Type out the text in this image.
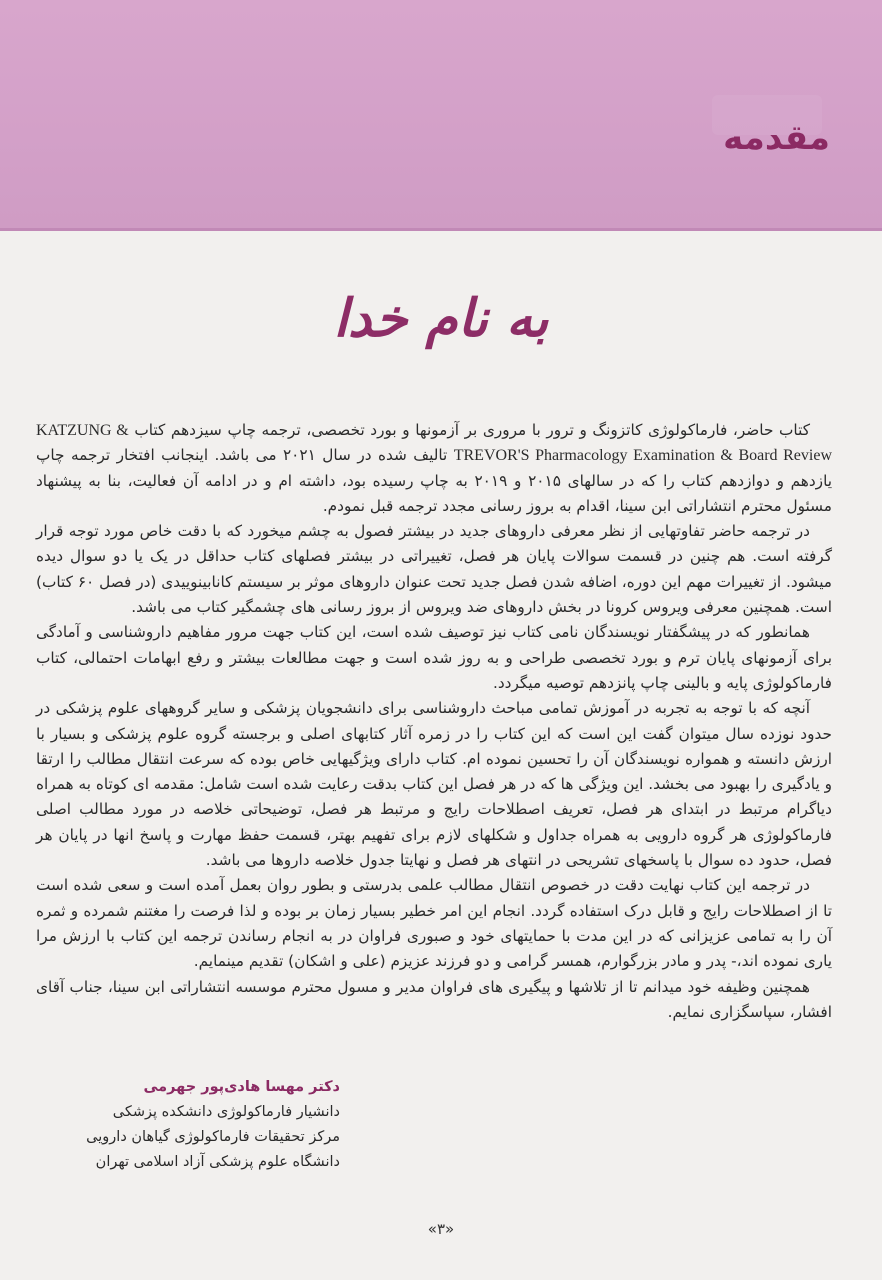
مقدمه
به نام خدا

کتاب حاضر، فارماکولوژی کاتزونگ و ترور با مروری بر آزمونها و بورد تخصصی، ترجمه چاپ سیزدهم کتاب KATZUNG & TREVOR'S Pharmacology Examination & Board Review تالیف شده در سال ۲۰۲۱ می باشد. اینجانب افتخار ترجمه چاپ یازدهم و دوازدهم کتاب را که در سالهای ۲۰۱۵ و ۲۰۱۹ به چاپ رسیده بود، داشته ام و در ادامه آن فعالیت، بنا به پیشنهاد مسئول محترم انتشاراتی ابن سینا، اقدام به بروز رسانی مجدد ترجمه قبل نمودم.

در ترجمه حاضر تفاوتهایی از نظر معرفی داروهای جدید در بیشتر فصول به چشم میخورد که با دقت خاص مورد توجه قرار گرفته است. هم چنین در قسمت سوالات پایان هر فصل، تغییراتی در بیشتر فصلهای کتاب حداقل در یک یا دو سوال دیده میشود. از تغییرات مهم این دوره، اضافه شدن فصل جدید تحت عنوان داروهای موثر بر سیستم کانابینوییدی (در فصل ۶۰ کتاب) است. همچنین معرفی ویروس کرونا در بخش داروهای ضد ویروس از بروز رسانی های چشمگیر کتاب می باشد.

همانطور که در پیشگفتار نویسندگان نامی کتاب نیز توصیف شده است، این کتاب جهت مرور مفاهیم داروشناسی و آمادگی برای آزمونهای پایان ترم و بورد تخصصی طراحی و به روز شده است و جهت مطالعات بیشتر و رفع ابهامات احتمالی، کتاب فارماکولوژی پایه و بالینی چاپ پانزدهم توصیه میگردد.

آنچه که با توجه به تجربه در آموزش تمامی مباحث داروشناسی برای دانشجویان پزشکی و سایر گروههای علوم پزشکی در حدود نوزده سال میتوان گفت این است که این کتاب را در زمره آثار کتابهای اصلی و برجسته گروه علوم پزشکی و بسیار با ارزش دانسته و همواره نویسندگان آن را تحسین نموده ام. کتاب دارای ویژگیهایی خاص بوده که سرعت انتقال مطالب را ارتقا و یادگیری را بهبود می بخشد. این ویژگی ها که در هر فصل این کتاب بدقت رعایت شده است شامل: مقدمه ای کوتاه به همراه دیاگرام مرتبط در ابتدای هر فصل، تعریف اصطلاحات رایج و مرتبط هر فصل، توضیحاتی خلاصه در مورد مطالب اصلی فارماکولوژی هر گروه دارویی به همراه جداول و شکلهای لازم برای تفهیم بهتر، قسمت حفظ مهارت و پاسخ انها در پایان هر فصل، حدود ده سوال با پاسخهای تشریحی در انتهای هر فصل و نهایتا جدول خلاصه داروها می باشد.

در ترجمه این کتاب نهایت دقت در خصوص انتقال مطالب علمی بدرستی و بطور روان بعمل آمده است و سعی شده است تا از اصطلاحات رایج و قابل درک استفاده گردد. انجام این امر خطیر بسیار زمان بر بوده و لذا فرصت را مغتنم شمرده و ثمره آن را به تمامی عزیزانی که در این مدت با حمایتهای خود و صبوری فراوان در به انجام رساندن ترجمه این کتاب با ارزش مرا یاری نموده اند،- پدر و مادر بزرگوارم، همسر گرامی و دو فرزند عزیزم (علی و اشکان) تقدیم مینمایم.

همچنین وظیفه خود میدانم تا از تلاشها و پیگیری های فراوان مدیر و مسول محترم موسسه انتشاراتی ابن سینا، جناب آقای افشار، سپاسگزاری نمایم.

دکتر مهسا هادی‌پور جهرمی
دانشیار فارماکولوژی دانشکده پزشکی
مرکز تحقیقات فارماکولوژی گیاهان دارویی
دانشگاه علوم پزشکی آزاد اسلامی تهران
«۳»
